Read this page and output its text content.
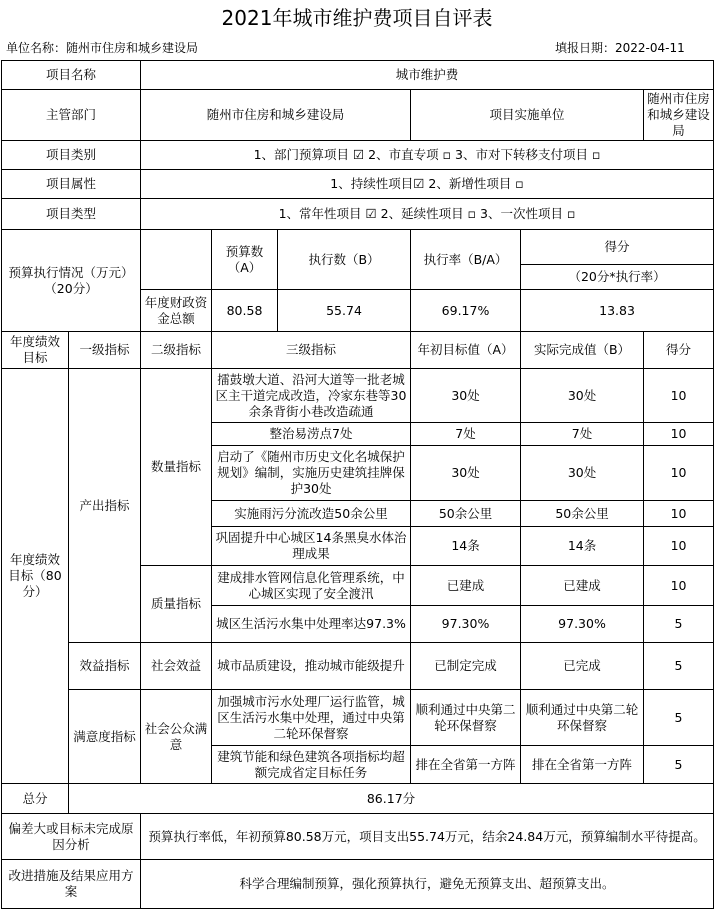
2021年城市维护费项目自评表
单位名称：随州市住房和城乡建设局	填报日期：2022-04-11
项目名称		城市维护费					
主管部门		随州市住房和城乡建设局			项目实施单位		随州市住房和城乡建设局
项目类别		1、部门预算项目 ☑ 2、市直专项 ▫ 3、市对下转移支付项目 ▫					
项目属性		1、持续性项目☑ 2、新增性项目 ▫					
项目类型		1、常年性项目 ☑ 2、延续性项目 ▫ 3、一次性项目 ▫					
预算执行情况（万元）（20分）			预算数（A）	执行数（B）	执行率（B/A）	得分	
						（20分*执行率）	
		年度财政资金总额	80.58	55.74	69.17%	13.83	
年度绩效目标	一级指标	二级指标	三级指标		年初目标值（A）	实际完成值（B）	得分
年度绩效目标（80分）	产出指标	数量指标	擂鼓墩大道、沿河大道等一批老城区主干道完成改造，冷家东巷等30余条背街小巷改造疏通		30处	30处	10
			整治易涝点7处		7处	7处	10
			启动了《随州市历史文化名城保护规划》编制，实施历史建筑挂牌保护30处		30处	30处	10
			实施雨污分流改造50余公里		50余公里	50余公里	10
			巩固提升中心城区14条黑臭水体治理成果		14条	14条	10
		质量指标	建成排水管网信息化管理系统，中心城区实现了安全渡汛		已建成	已建成	10
			城区生活污水集中处理率达97.3%		97.30%	97.30%	5
	效益指标	社会效益	城市品质建设，推动城市能级提升		已制定完成	已完成	5
	满意度指标	社会公众满意	加强城市污水处理厂运行监管，城区生活污水集中处理，通过中央第二轮环保督察		顺利通过中央第二轮环保督察	顺利通过中央第二轮环保督察	5
			建筑节能和绿色建筑各项指标均超额完成省定目标任务		排在全省第一方阵	排在全省第一方阵	5
总分	86.17分						
偏差大或目标未完成原因分析		预算执行率低，年初预算80.58万元，项目支出55.74万元，结余24.84万元，预算编制水平待提高。					
改进措施及结果应用方案		科学合理编制预算，强化预算执行，避免无预算支出、超预算支出。					
